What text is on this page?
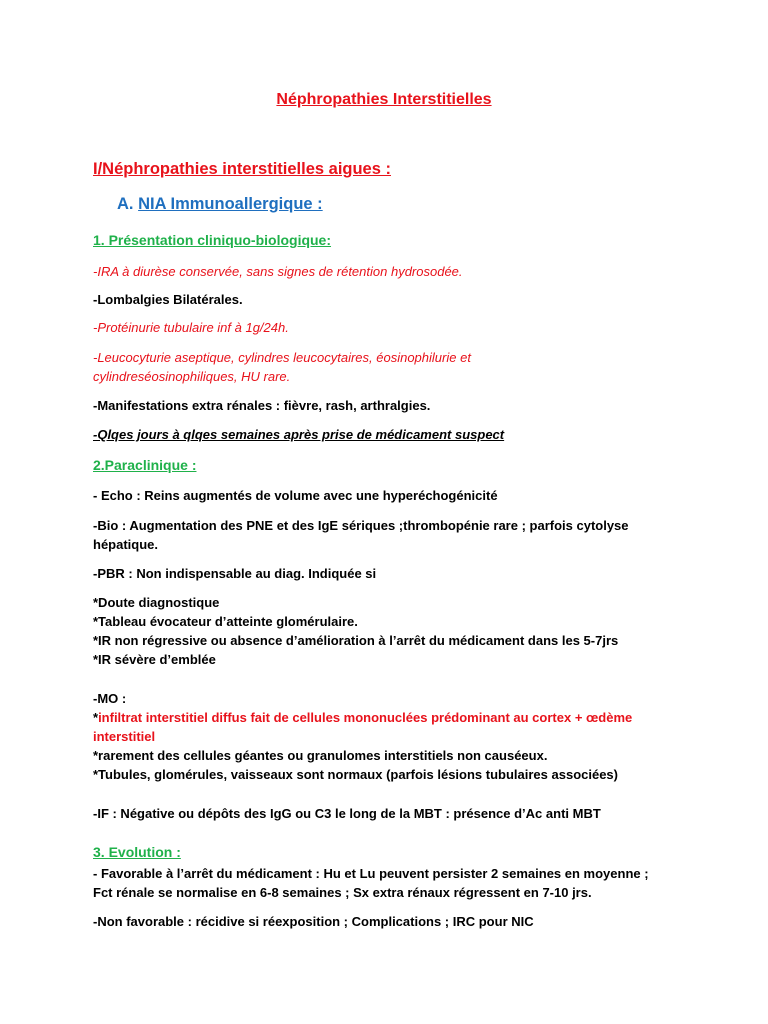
Néphropathies Interstitielles
I/Néphropathies interstitielles aigues :
A. NIA Immunoallergique :
1. Présentation cliniquo-biologique:
-IRA à diurèse conservée, sans signes de rétention hydrosodée.
-Lombalgies Bilatérales.
-Protéinurie tubulaire inf à 1g/24h.
-Leucocyturie aseptique, cylindres leucocytaires, éosinophilurie et
cylindreséosinophiliques, HU rare.
-Manifestations extra rénales : fièvre, rash, arthralgies.
-Qlqes jours à qlqes semaines après prise de médicament suspect
2.Paraclinique :
- Echo : Reins augmentés de volume avec une hyperéchogénicité
-Bio : Augmentation des PNE et des IgE sériques ;thrombopénie rare ; parfois cytolyse
hépatique.
-PBR : Non indispensable au diag. Indiquée si
*Doute diagnostique
*Tableau évocateur d’atteinte glomérulaire.
*IR non régressive ou absence d’amélioration à l’arrêt du médicament dans les 5-7jrs
*IR sévère d’emblée
-MO :
*infiltrat interstitiel diffus fait de cellules mononuclées prédominant au cortex + œdème
interstitiel
*rarement des cellules géantes ou granulomes interstitiels non causéeux.
*Tubules, glomérules, vaisseaux sont normaux (parfois lésions tubulaires associées)
-IF : Négative ou dépôts des IgG ou C3 le long de la MBT : présence d’Ac anti MBT
3. Evolution :
- Favorable à l’arrêt du médicament : Hu et Lu peuvent persister 2 semaines en moyenne ;
Fct rénale se normalise en 6-8 semaines ; Sx extra rénaux régressent en 7-10 jrs.
-Non favorable : récidive si réexposition ; Complications ; IRC pour NIC
